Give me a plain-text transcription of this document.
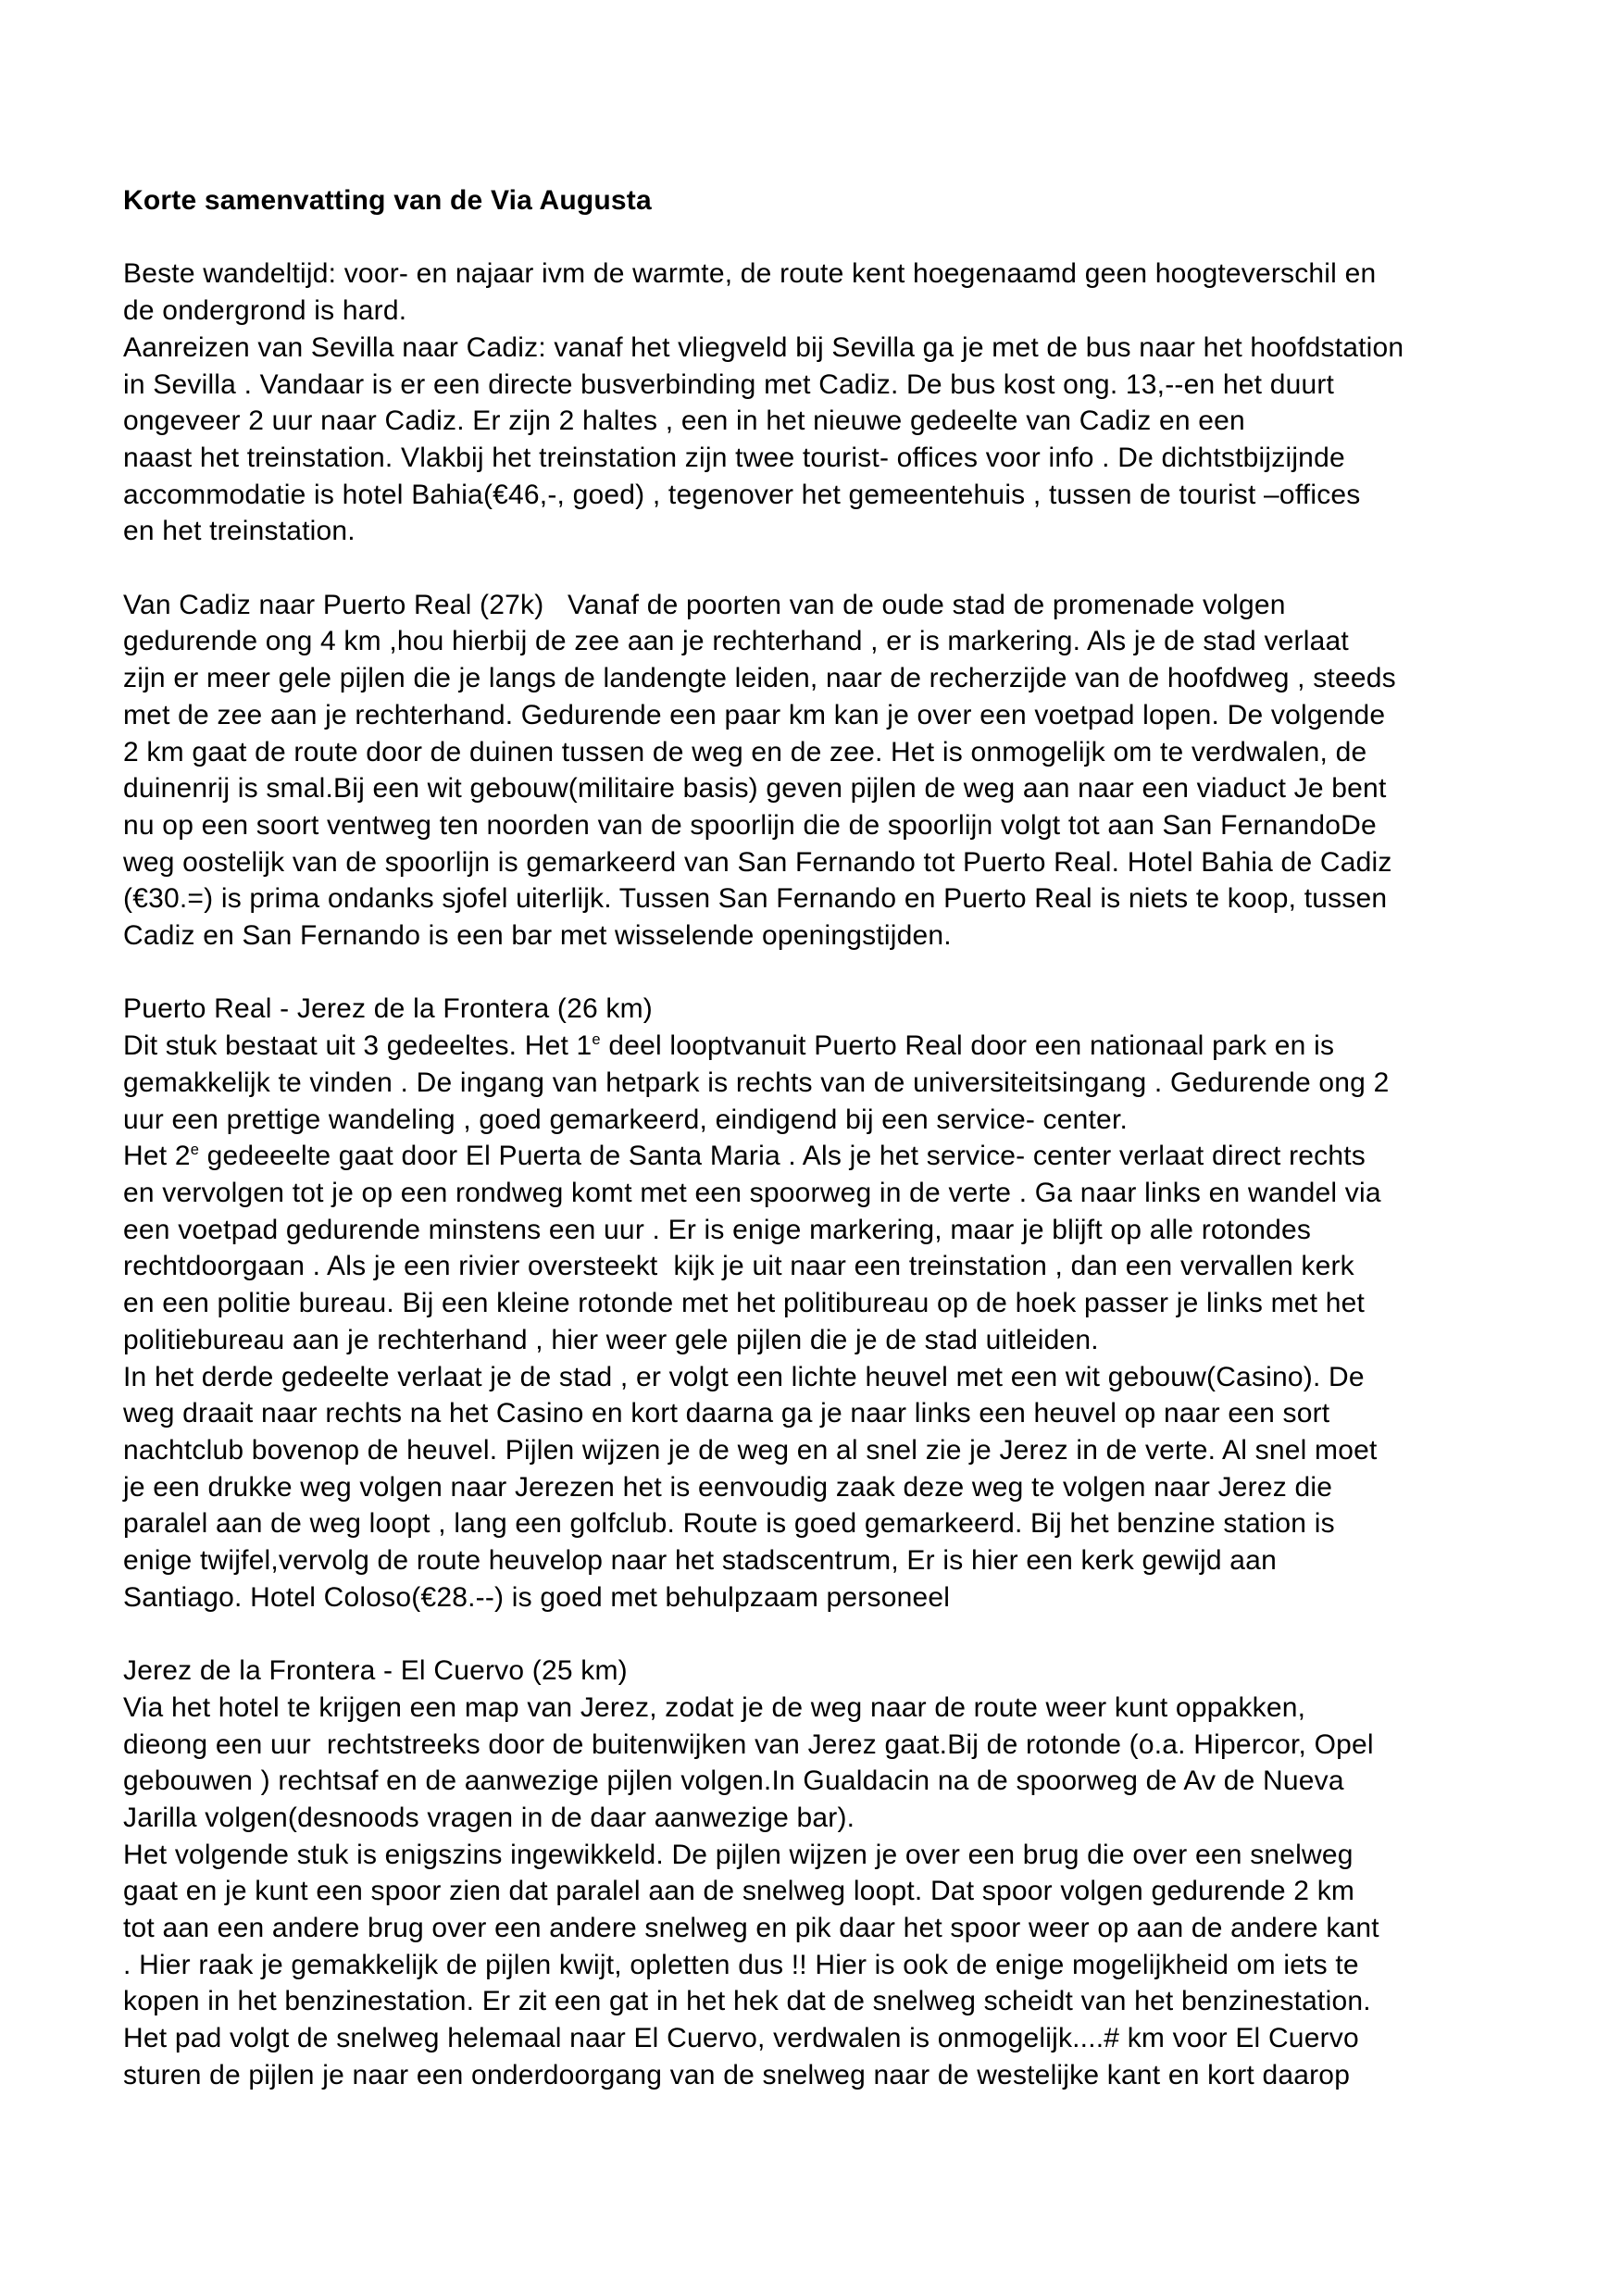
Korte samenvatting van de Via Augusta

Beste wandeltijd: voor- en najaar ivm de warmte, de route kent hoegenaamd geen hoogteverschil en
de ondergrond is hard.
Aanreizen van Sevilla naar Cadiz: vanaf het vliegveld bij Sevilla ga je met de bus naar het hoofdstation
in Sevilla . Vandaar is er een directe busverbinding met Cadiz. De bus kost ong. 13,--en het duurt
ongeveer 2 uur naar Cadiz. Er zijn 2 haltes , een in het nieuwe gedeelte van Cadiz en een
naast het treinstation. Vlakbij het treinstation zijn twee tourist- offices voor info . De dichtstbijzijnde
accommodatie is hotel Bahia(€46,-, goed) , tegenover het gemeentehuis , tussen de tourist –offices
en het treinstation.

Van Cadiz naar Puerto Real (27k)   Vanaf de poorten van de oude stad de promenade volgen
gedurende ong 4 km ,hou hierbij de zee aan je rechterhand , er is markering. Als je de stad verlaat
zijn er meer gele pijlen die je langs de landengte leiden, naar de recherzijde van de hoofdweg , steeds
met de zee aan je rechterhand. Gedurende een paar km kan je over een voetpad lopen. De volgende
2 km gaat de route door de duinen tussen de weg en de zee. Het is onmogelijk om te verdwalen, de
duinenrij is smal.Bij een wit gebouw(militaire basis) geven pijlen de weg aan naar een viaduct Je bent
nu op een soort ventweg ten noorden van de spoorlijn die de spoorlijn volgt tot aan San FernandoDe
weg oostelijk van de spoorlijn is gemarkeerd van San Fernando tot Puerto Real. Hotel Bahia de Cadiz
(€30.=) is prima ondanks sjofel uiterlijk. Tussen San Fernando en Puerto Real is niets te koop, tussen
Cadiz en San Fernando is een bar met wisselende openingstijden.

Puerto Real - Jerez de la Frontera (26 km)
Dit stuk bestaat uit 3 gedeeltes. Het 1e deel looptvanuit Puerto Real door een nationaal park en is
gemakkelijk te vinden . De ingang van hetpark is rechts van de universiteitsingang . Gedurende ong 2
uur een prettige wandeling , goed gemarkeerd, eindigend bij een service- center.
Het 2e gedeeelte gaat door El Puerta de Santa Maria . Als je het service- center verlaat direct rechts
en vervolgen tot je op een rondweg komt met een spoorweg in de verte . Ga naar links en wandel via
een voetpad gedurende minstens een uur . Er is enige markering, maar je blijft op alle rotondes
rechtdoorgaan . Als je een rivier oversteekt  kijk je uit naar een treinstation , dan een vervallen kerk
en een politie bureau. Bij een kleine rotonde met het politibureau op de hoek passer je links met het
politiebureau aan je rechterhand , hier weer gele pijlen die je de stad uitleiden.
In het derde gedeelte verlaat je de stad , er volgt een lichte heuvel met een wit gebouw(Casino). De
weg draait naar rechts na het Casino en kort daarna ga je naar links een heuvel op naar een sort
nachtclub bovenop de heuvel. Pijlen wijzen je de weg en al snel zie je Jerez in de verte. Al snel moet
je een drukke weg volgen naar Jerezen het is eenvoudig zaak deze weg te volgen naar Jerez die
paralel aan de weg loopt , lang een golfclub. Route is goed gemarkeerd. Bij het benzine station is
enige twijfel,vervolg de route heuvelop naar het stadscentrum, Er is hier een kerk gewijd aan
Santiago. Hotel Coloso(€28.--) is goed met behulpzaam personeel

Jerez de la Frontera - El Cuervo (25 km)
Via het hotel te krijgen een map van Jerez, zodat je de weg naar de route weer kunt oppakken,
dieong een uur  rechtstreeks door de buitenwijken van Jerez gaat.Bij de rotonde (o.a. Hipercor, Opel
gebouwen ) rechtsaf en de aanwezige pijlen volgen.In Gualdacin na de spoorweg de Av de Nueva
Jarilla volgen(desnoods vragen in de daar aanwezige bar).
Het volgende stuk is enigszins ingewikkeld. De pijlen wijzen je over een brug die over een snelweg
gaat en je kunt een spoor zien dat paralel aan de snelweg loopt. Dat spoor volgen gedurende 2 km
tot aan een andere brug over een andere snelweg en pik daar het spoor weer op aan de andere kant
. Hier raak je gemakkelijk de pijlen kwijt, opletten dus !! Hier is ook de enige mogelijkheid om iets te
kopen in het benzinestation. Er zit een gat in het hek dat de snelweg scheidt van het benzinestation.
Het pad volgt de snelweg helemaal naar El Cuervo, verdwalen is onmogelijk....# km voor El Cuervo
sturen de pijlen je naar een onderdoorgang van de snelweg naar de westelijke kant en kort daarop
